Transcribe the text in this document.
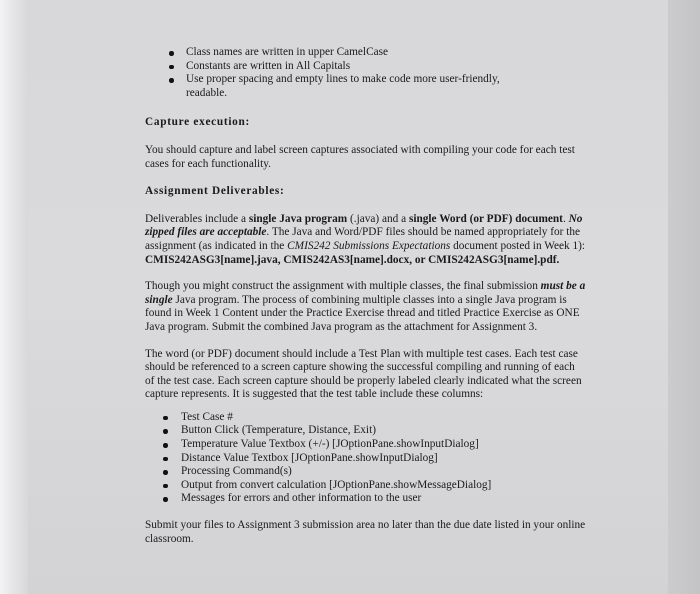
Class names are written in upper CamelCase
Constants are written in All Capitals
Use proper spacing and empty lines to make code more user-friendly,
readable.

Capture execution:

You should capture and label screen captures associated with compiling your code for each test
cases for each functionality.

Assignment Deliverables:

Deliverables include a single Java program (.java) and a single Word (or PDF) document. No
zipped files are acceptable. The Java and Word/PDF files should be named appropriately for the
assignment (as indicated in the CMIS242 Submissions Expectations document posted in Week 1):
CMIS242ASG3[name].java, CMIS242AS3[name].docx, or CMIS242ASG3[name].pdf.

Though you might construct the assignment with multiple classes, the final submission must be a
single Java program. The process of combining multiple classes into a single Java program is
found in Week 1 Content under the Practice Exercise thread and titled Practice Exercise as ONE
Java program. Submit the combined Java program as the attachment for Assignment 3.

The word (or PDF) document should include a Test Plan with multiple test cases. Each test case
should be referenced to a screen capture showing the successful compiling and running of each
of the test case. Each screen capture should be properly labeled clearly indicated what the screen
capture represents. It is suggested that the test table include these columns:

Test Case #
Button Click (Temperature, Distance, Exit)
Temperature Value Textbox (+/-) [JOptionPane.showInputDialog]
Distance Value Textbox [JOptionPane.showInputDialog]
Processing Command(s)
Output from convert calculation [JOptionPane.showMessageDialog]
Messages for errors and other information to the user

Submit your files to Assignment 3 submission area no later than the due date listed in your online
classroom.
